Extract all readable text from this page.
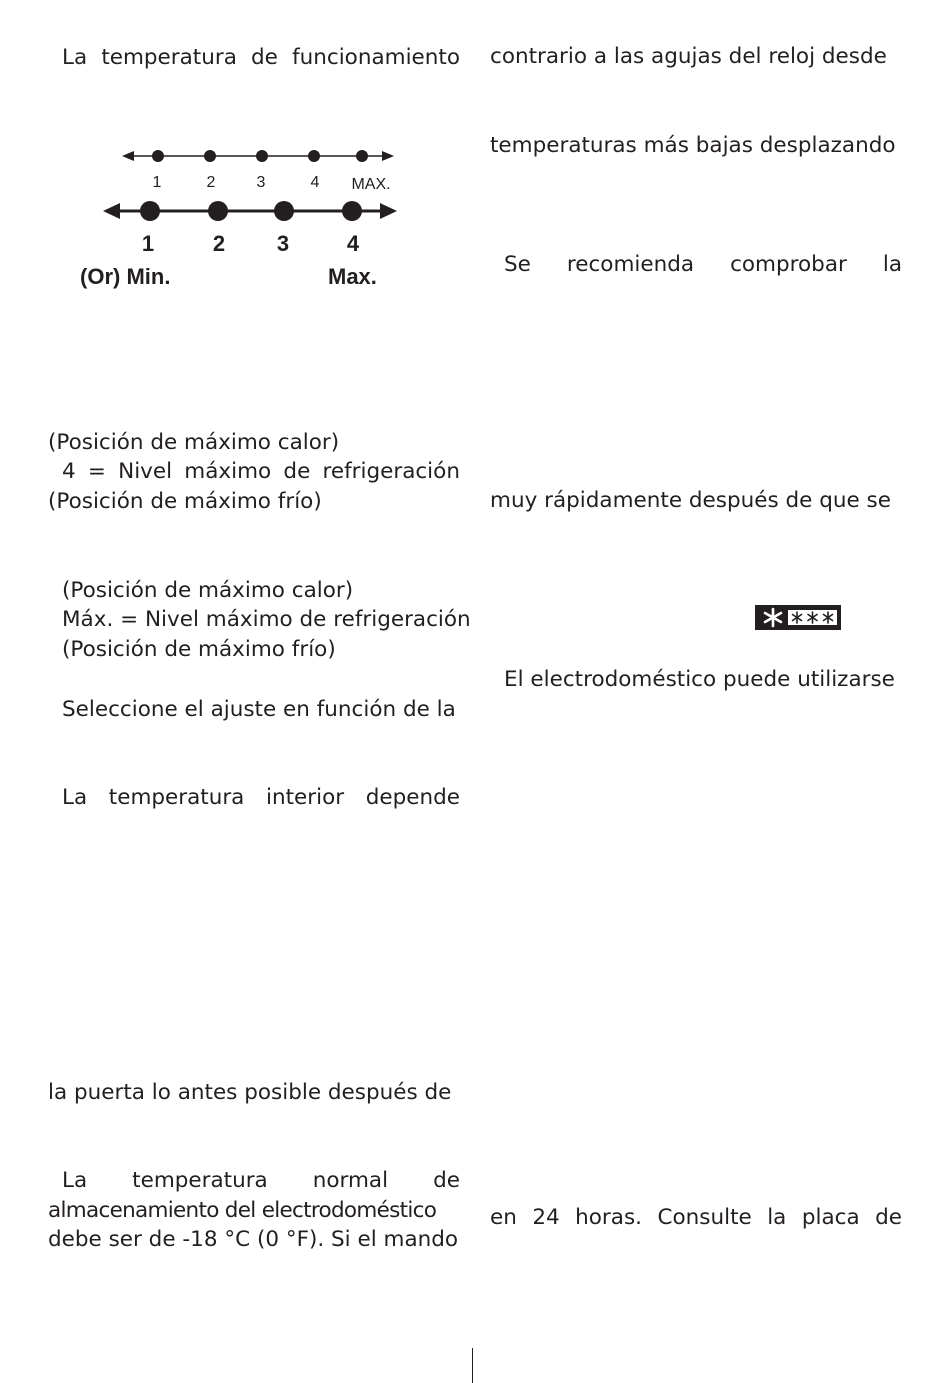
La temperatura de funcionamiento

1	2	3	4 MAX.
1	2 3	4
(Or) Min.	Max.

(Posición de máximo calor)

4 = Nivel máximo de refrigeración

(Posición de máximo frío)

(Posición de máximo calor)

Máx. = Nivel máximo de refrigeración

(Posición de máximo frío)

Seleccione el ajuste en función de la

La temperatura interior depende

la puerta lo antes posible después de

La temperatura normal de

almacenamiento del electrodoméstico

debe ser de -18 °C (0 °F). Si el mando

contrario a las agujas del reloj desde

temperaturas más bajas desplazando

Se recomienda comprobar la

muy rápidamente después de que se

El electrodoméstico puede utilizarse

en 24 horas. Consulte la placa de
